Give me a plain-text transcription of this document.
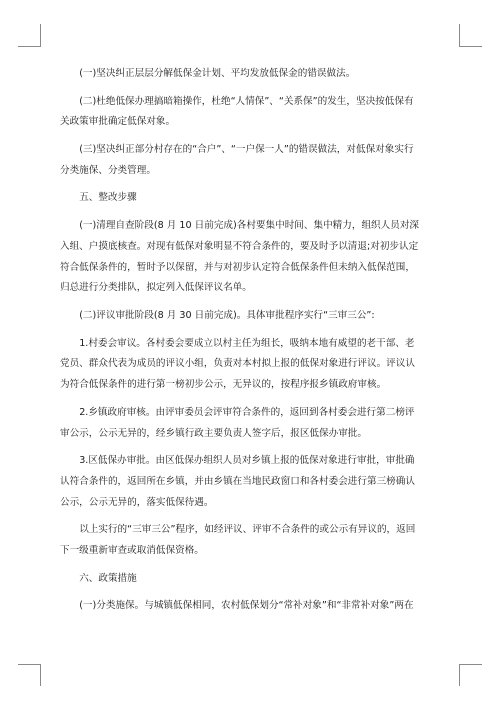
(一)坚决纠正层层分解低保金计划、平均发放低保金的错误做法。

(二)杜绝低保办理搞暗箱操作，杜绝“人情保”、“关系保”的发生，坚决按低保有
关政策审批确定低保对象。

(三)坚决纠正部分村存在的“合户”、“一户保一人”的错误做法，对低保对象实行
分类施保、分类管理。

五、整改步骤

(一)清理自查阶段(8 月 10 日前完成)各村要集中时间、集中精力，组织人员对深
入组、户摸底核查。对现有低保对象明显不符合条件的，要及时予以清退;对初步认定
符合低保条件的，暂时予以保留，并与对初步认定符合低保条件但未纳入低保范围，
归总进行分类排队，拟定列入低保评议名单。

(二)评议审批阶段(8 月 30 日前完成)。具体审批程序实行“三审三公”:

1.村委会审议。各村委会要成立以村主任为组长，吸纳本地有威望的老干部、老
党员、群众代表为成员的评议小组，负责对本村拟上报的低保对象进行评议。评议认
为符合低保条件的进行第一榜初步公示，无异议的，按程序报乡镇政府审核。

2.乡镇政府审核。由评审委员会评审符合条件的，返回到各村委会进行第二榜评
审公示，公示无异的，经乡镇行政主要负责人签字后，报区低保办审批。

3.区低保办审批。由区低保办组织人员对乡镇上报的低保对象进行审批，审批确
认符合条件的，返回所在乡镇，并由乡镇在当地民政窗口和各村委会进行第三榜确认
公示，公示无异的，落实低保待遇。

以上实行的“三审三公”程序，如经评议、评审不合条件的或公示有异议的，返回
下一级重新审查或取消低保资格。

六、政策措施

(一)分类施保。与城镇低保相同，农村低保划分“常补对象”和“非常补对象”两在
